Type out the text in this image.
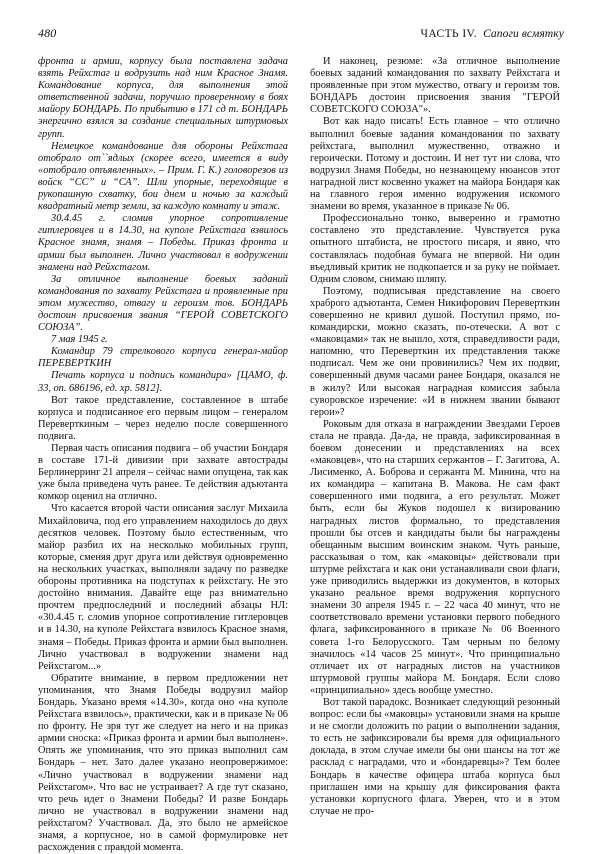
480	ЧАСТЬ IV. Сапоги всмятку

фронта и армии, корпусу была поставлена задача взять Рейхстаг и водрузить над ним Красное Знамя. Командование корпуса, для выполнения этой ответственной задачи, поручило проверенному в боях майору БОНДАРЬ. По прибытию в 171 сд т. БОНДАРЬ энергично взялся за создание специальных штурмовых групп.

Немецкое командование для обороны Рейхстага отобрало от``ядлых (скорее всего, имеется в виду «отобрало отъявленных». – Прим. Г. К.) головорезов из войск “СС” и “СА”. Шли упорные, переходящие в рукопашную схватку, бои днем и ночью за каждый квадратный метр земли, за каждую комнату и этаж.

30.4.45 г. сломив упорное сопротивление гитлеровцев и в 14.30, на куполе Рейхстага взвилось Красное знамя, знамя – Победы. Приказ фронта и армии был выполнен. Лично участвовал в водружении знамени над Рейхстагом.

За отличное выполнение боевых заданий командования по захвату Рейхстага и проявленные при этом мужество, отвагу и героизм тов. БОНДАРЬ достоин присвоения звания “ГЕРОЙ СОВЕТСКОГО СОЮЗА”.

7 мая 1945 г.

Командир 79 стрелкового корпуса генерал-майор ПЕРЕВЕРТКИН

Печать корпуса и подпись командира» [ЦАМО, ф. 33, оп. 686196, ед. хр. 5812].

Вот такое представление, составленное в штабе корпуса и подписанное его первым лицом – генералом Переверткиным – через неделю после совершенного подвига.

Первая часть описания подвига – об участии Бондаря в составе 171-й дивизии при захвате автострады Берлинерринг 21 апреля – сейчас нами опущена, так как уже была приведена чуть ранее. Те действия адъютанта комкор оценил на отлично.

Что касается второй части описания заслуг Михаила Михайловича, под его управлением находилось до двух десятков человек. Поэтому было естественным, что майор разбил их на несколько мобильных групп, которые, сменяя друг друга или действуя одновременно на нескольких участках, выполняли задачу по разведке обороны противника на подступах к рейхстагу. Не это достойно внимания. Давайте еще раз внимательно прочтем предпоследний и последний абзацы НЛ: «30.4.45 г. сломив упорное сопротивление гитлеровцев и в 14.30, на куполе Рейхстага взвилось Красное знамя, знамя – Победы. Приказ фронта и армии был выполнен. Лично участвовал в водружении знамени над Рейхстагом...»

Обратите внимание, в первом предложении нет упоминания, что Знамя Победы водрузил майор Бондарь. Указано время «14.30», когда оно «на куполе Рейхстага взвилось», практически, как и в приказе № 06 по фронту. Не зря тут же следует на него и на приказ армии сноска: «Приказ фронта и армии был выполнен». Опять же упоминания, что это приказ выполнил сам Бондарь – нет. Зато далее указано неопровержимое: «Лично участвовал в водружении знамени над Рейхстагом». Что вас не устраивает? А где тут сказано, что речь идет о Знамени Победы? И разве Бондарь лично не участвовал в водружении знамени над рейхстагом? Участвовал. Да, это было не армейское знамя, а корпусное, но в самой формулировке нет расхождения с правдой момента.

И наконец, резюме: «За отличное выполнение боевых заданий командования по захвату Рейхстага и проявленные при этом мужество, отвагу и героизм тов. БОНДАРЬ достоин присвоения звания "ГЕРОЙ СОВЕТСКОГО СОЮЗА"».

Вот как надо писать! Есть главное – что отлично выполнил боевые задания командования по захвату рейхстага, выполнил мужественно, отважно и героически. Потому и достоин. И нет тут ни слова, что водрузил Знамя Победы, но незнающему нюансов этот наградной лист косвенно укажет на майора Бондаря как на главного героя именно водружения искомого знамени во время, указанное в приказе № 06.

Профессионально тонко, выверенно и грамотно составлено это представление. Чувствуется рука опытного штабиста, не простого писаря, и явно, что составлялась подобная бумага не впервой. Ни один въедливый критик не подкопается и за руку не поймает. Одним словом, снимаю шляпу.

Поэтому, подписывая представление на своего храброго адъютанта, Семен Никифорович Переверткин совершенно не кривил душой. Поступил прямо, по-командирски, можно сказать, по-отечески. А вот с «маковцами» так не вышло, хотя, справедливости ради, напомню, что Переверткин их представления также подписал. Чем же они провинились? Чем их подвиг, совершенный двумя часами ранее Бондаря, оказался не в жилу? Или высокая наградная комиссия забыла суворовское изречение: «И в нижнем звании бывают герои»?

Роковым для отказа в награждении Звездами Героев стала не правда. Да-да, не правда, зафиксированная в боевом донесении и представлениях на всех «маковцев», что на старших сержантов – Г. Загитова, А. Лисименко, А. Боброва и сержанта М. Минина, что на их командира – капитана В. Макова. Не сам факт совершенного ими подвига, а его результат. Может быть, если бы Жуков подошел к визированию наградных листов формально, то представления прошли бы отсев и кандидаты были бы награждены обещанным высшим воинским знаком. Чуть раньше, рассказывая о том, как «маковцы» действовали при штурме рейхстага и как они устанавливали свои флаги, уже приводились выдержки из документов, в которых указано реальное время водружения корпусного знамени 30 апреля 1945 г. – 22 часа 40 минут, что не соответствовало времени установки первого победного флага, зафиксированного в приказе № 06 Военного совета 1-го Белорусского. Там черным по белому значилось «14 часов 25 минут». Что принципиально отличает их от наградных листов на участников штурмовой группы майора М. Бондаря. Если слово «принципиально» здесь вообще уместно.

Вот такой парадокс. Возникает следующий резонный вопрос: если бы «маковцы» установили знамя на крыше и не смогли доложить по рации о выполнении задания, то есть не зафиксировали бы время для официального доклада, в этом случае имели бы они шансы на тот же расклад с наградами, что и «бондаревцы»? Тем более Бондарь в качестве офицера штаба корпуса был приглашен ими на крышу для фиксирования факта установки корпусного флага. Уверен, что и в этом случае не про-
